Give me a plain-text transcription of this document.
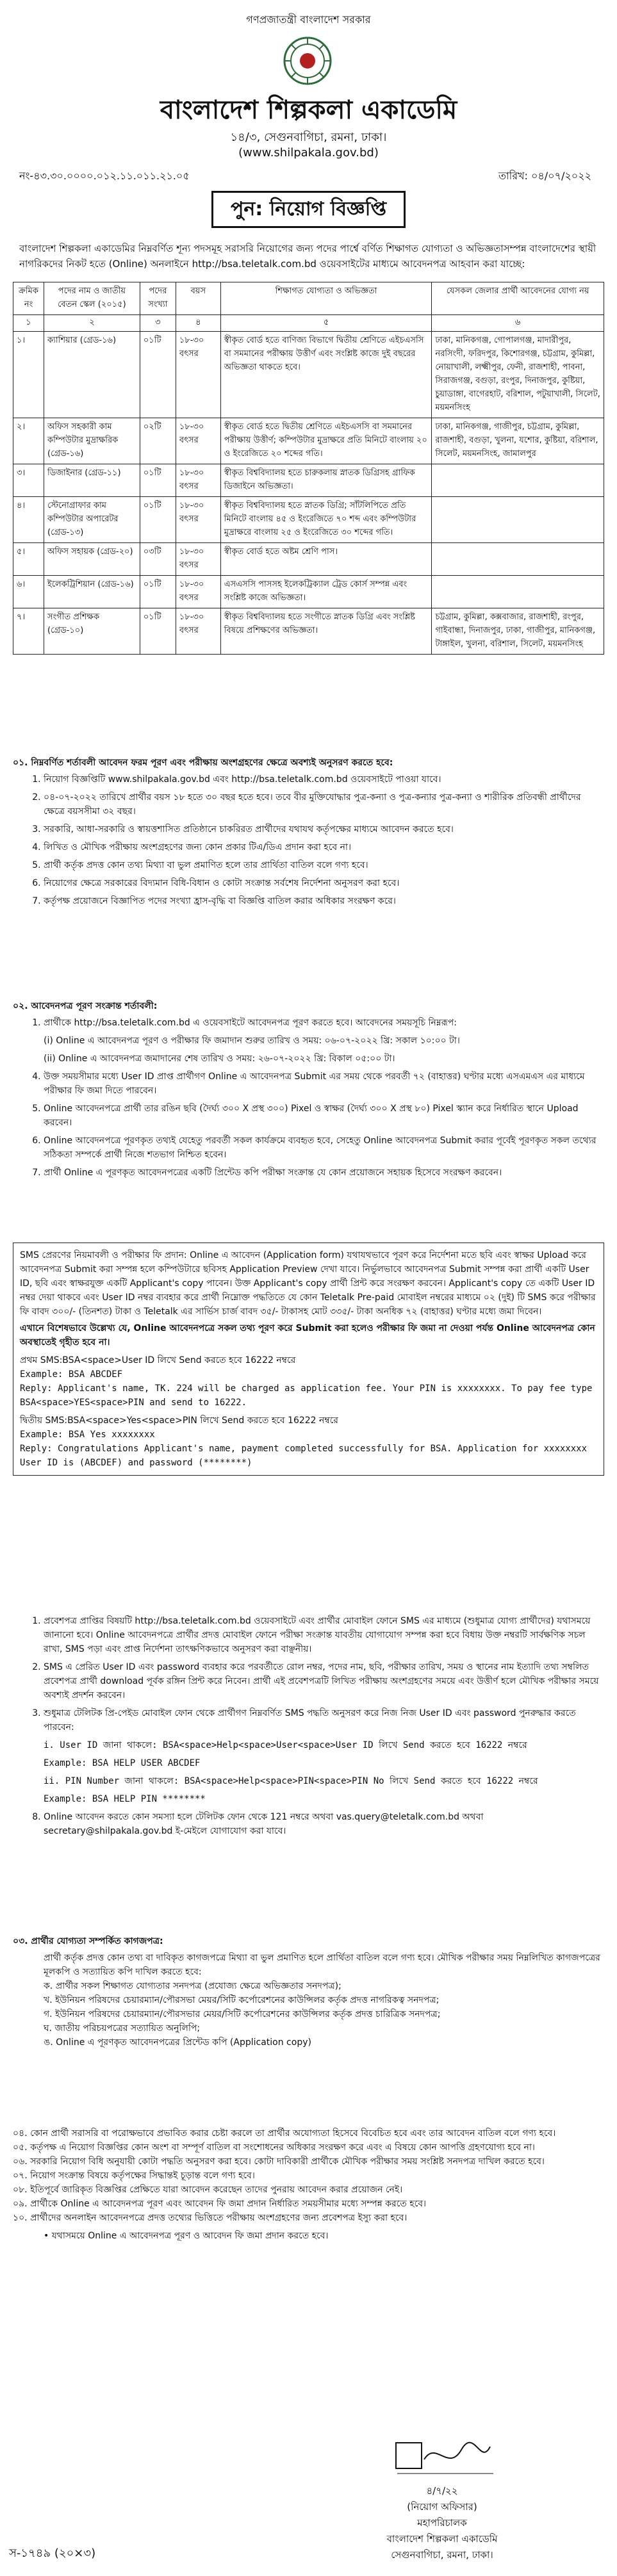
গণপ্রজাতন্ত্রী বাংলাদেশ সরকার
বাংলাদেশ শিল্পকলা একাডেমি
১৪/৩, সেগুনবাগিচা, রমনা, ঢাকা।
(www.shilpakala.gov.bd)
নং-৪৩.৩০.০০০০.০১২.১১.০১১.২১.০৫	তারিখ: ০৪/০৭/২০২২
পুন: নিয়োগ বিজ্ঞপ্তি
বাংলাদেশ শিল্পকলা একাডেমির নিম্নবর্ণিত শূন্য পদসমূহ সরাসরি নিয়োগের জন্য পদের পার্শ্বে বর্ণিত শিক্ষাগত যোগ্যতা ও অভিজ্ঞতাসম্পন্ন বাংলাদেশের স্থায়ী নাগরিকদের নিকট হতে (Online) অনলাইনে http://bsa.teletalk.com.bd ওয়েবসাইটের মাধ্যমে আবেদনপত্র আহবান করা যাচ্ছে:
ক্রমিক নং	পদের নাম ও জাতীয় বেতন স্কেল (২০১৫)	পদের সংখ্যা	বয়স	শিক্ষাগত যোগ্যতা ও অভিজ্ঞতা	যেসকল জেলার প্রার্থী আবেদনের যোগ্য নয়
১	২	৩	৪	৫	৬
১।	ক্যাশিয়ার (গ্রেড-১৬)	০১টি	১৮-৩০ বৎসর	স্বীকৃত বোর্ড হতে বাণিজ্য বিভাগে দ্বিতীয় শ্রেণিতে এইচএসসি বা সমমানের পরীক্ষায় উত্তীর্ণ এবং সংশ্লিষ্ট কাজে দুই বছরের অভিজ্ঞতা থাকতে হবে।	ঢাকা, মানিকগঞ্জ, গোপালগঞ্জ, মাদারীপুর, নরসিংদী, ফরিদপুর, কিশোরগঞ্জ, চট্টগ্রাম, কুমিল্লা, নোয়াখালী, লক্ষ্মীপুর, ফেনী, রাজশাহী, পাবনা, সিরাজগঞ্জ, বগুড়া, রংপুর, দিনাজপুর, কুষ্টিয়া, চুয়াডাঙ্গা, বাগেরহাট, বরিশাল, পটুয়াখালী, সিলেট, ময়মনসিংহ
২।	অফিস সহকারী কাম কম্পিউটার মুদ্রাক্ষরিক (গ্রেড-১৬)	০২টি	১৮-৩০ বৎসর	স্বীকৃত বোর্ড হতে দ্বিতীয় শ্রেণিতে এইচএসসি বা সমমানের পরীক্ষায় উত্তীর্ণ; কম্পিউটার মুদ্রাক্ষরে প্রতি মিনিটে বাংলায় ২০ ও ইংরেজিতে ২০ শব্দের গতি।	ঢাকা, মানিকগঞ্জ, গাজীপুর, চট্টগ্রাম, কুমিল্লা, রাজশাহী, বগুড়া, খুলনা, যশোর, কুষ্টিয়া, বরিশাল, সিলেট, ময়মনসিংহ, জামালপুর
৩।	ডিজাইনার (গ্রেড-১১)	০১টি	১৮-৩০ বৎসর	স্বীকৃত বিশ্ববিদ্যালয় হতে চারুকলায় স্নাতক ডিগ্রিসহ গ্রাফিক ডিজাইনে অভিজ্ঞতা।	
৪।	স্টেনোগ্রাফার কাম কম্পিউটার অপারেটর (গ্রেড-১৩)	০১টি	১৮-৩০ বৎসর	স্বীকৃত বিশ্ববিদ্যালয় হতে স্নাতক ডিগ্রি; সাঁটলিপিতে প্রতি মিনিটে বাংলায় ৪৫ ও ইংরেজিতে ৭০ শব্দ এবং কম্পিউটার মুদ্রাক্ষরে বাংলায় ২৫ ও ইংরেজিতে ৩০ শব্দের গতি।	
৫।	অফিস সহায়ক (গ্রেড-২০)	০৩টি	১৮-৩০ বৎসর	স্বীকৃত বোর্ড হতে অষ্টম শ্রেণি পাস।	
৬।	ইলেকট্রিশিয়ান (গ্রেড-১৬)	০১টি	১৮-৩০ বৎসর	এসএসসি পাসসহ ইলেকট্রিক্যাল ট্রেড কোর্স সম্পন্ন এবং সংশ্লিষ্ট কাজে অভিজ্ঞতা।	
৭।	সংগীত প্রশিক্ষক (গ্রেড-১০)	০১টি	১৮-৩০ বৎসর	স্বীকৃত বিশ্ববিদ্যালয় হতে সংগীতে স্নাতক ডিগ্রি এবং সংশ্লিষ্ট বিষয়ে প্রশিক্ষণের অভিজ্ঞতা।	চট্টগ্রাম, কুমিল্লা, কক্সবাজার, রাজশাহী, রংপুর, গাইবান্ধা, দিনাজপুর, ঢাকা, গাজীপুর, মানিকগঞ্জ, টাঙ্গাইল, খুলনা, বরিশাল, সিলেট, ময়মনসিংহ
০১. নিম্নবর্ণিত শর্তাবলী আবেদন ফরম পূরণ এবং পরীক্ষায় অংশগ্রহণের ক্ষেত্রে অবশ্যই অনুসরণ করতে হবে:
1. নিয়োগ বিজ্ঞপ্তিটি www.shilpakala.gov.bd এবং http://bsa.teletalk.com.bd ওয়েবসাইটে পাওয়া যাবে।
2. ০৪-০৭-২০২২ তারিখে প্রার্থীর বয়স ১৮ হতে ৩০ বছর হতে হবে। তবে বীর মুক্তিযোদ্ধার পুত্র-কন্যা ও পুত্র-কন্যার পুত্র-কন্যা ও শারীরিক প্রতিবন্ধী প্রার্থীদের ক্ষেত্রে বয়সসীমা ৩২ বছর।
3. সরকারি, আধা-সরকারি ও স্বায়ত্তশাসিত প্রতিষ্ঠানে চাকরিরত প্রার্থীদের যথাযথ কর্তৃপক্ষের মাধ্যমে আবেদন করতে হবে।
4. লিখিত ও মৌখিক পরীক্ষায় অংশগ্রহণের জন্য কোন প্রকার টিএ/ডিএ প্রদান করা হবে না।
5. প্রার্থী কর্তৃক প্রদত্ত কোন তথ্য মিথ্যা বা ভুল প্রমাণিত হলে তার প্রার্থিতা বাতিল বলে গণ্য হবে।
6. নিয়োগের ক্ষেত্রে সরকারের বিদ্যমান বিধি-বিধান ও কোটা সংক্রান্ত সর্বশেষ নির্দেশনা অনুসরণ করা হবে।
7. কর্তৃপক্ষ প্রয়োজনে বিজ্ঞাপিত পদের সংখ্যা হ্রাস-বৃদ্ধি বা বিজ্ঞপ্তি বাতিল করার অধিকার সংরক্ষণ করে।
০২. আবেদনপত্র পূরণ সংক্রান্ত শর্তাবলী:
1. প্রার্থীকে http://bsa.teletalk.com.bd এ ওয়েবসাইটে আবেদনপত্র পূরণ করতে হবে। আবেদনের সময়সূচি নিম্নরূপ:
(i) Online এ আবেদনপত্র পূরণ ও পরীক্ষার ফি জমাদান শুরুর তারিখ ও সময়: ০৬-০৭-২০২২ খ্রি: সকাল ১০:০০ টা।
(ii) Online এ আবেদনপত্র জমাদানের শেষ তারিখ ও সময়: ২৬-০৭-২০২২ খ্রি: বিকাল ০৫:০০ টা।
4. উক্ত সময়সীমার মধ্যে User ID প্রাপ্ত প্রার্থীগণ Online এ আবেদনপত্র Submit এর সময় থেকে পরবর্তী ৭২ (বাহাত্তর) ঘণ্টার মধ্যে এসএমএস এর মাধ্যমে পরীক্ষার ফি জমা দিতে পারবেন।
5. Online আবেদনপত্রে প্রার্থী তার রঙিন ছবি (দৈর্ঘ্য ৩০০ X প্রস্থ ৩০০) Pixel ও স্বাক্ষর (দৈর্ঘ্য ৩০০ X প্রস্থ ৮০) Pixel স্ক্যান করে নির্ধারিত স্থানে Upload করবেন।
6. Online আবেদনপত্রে পূরণকৃত তথ্যই যেহেতু পরবর্তী সকল কার্যক্রমে ব্যবহৃত হবে, সেহেতু Online আবেদনপত্র Submit করার পূর্বেই পূরণকৃত সকল তথ্যের সঠিকতা সম্পর্কে প্রার্থী নিজে শতভাগ নিশ্চিত হবেন।
7. প্রার্থী Online এ পূরণকৃত আবেদনপত্রের একটি প্রিন্টেড কপি পরীক্ষা সংক্রান্ত যে কোন প্রয়োজনে সহায়ক হিসেবে সংরক্ষণ করবেন।
SMS প্রেরণের নিয়মাবলী ও পরীক্ষার ফি প্রদান: Online এ আবেদন (Application form) যথাযথভাবে পূরণ করে নির্দেশনা মতে ছবি এবং স্বাক্ষর Upload করে আবেদনপত্র Submit করা সম্পন্ন হলে কম্পিউটারে ছবিসহ Application Preview দেখা যাবে। নির্ভুলভাবে আবেদনপত্র Submit সম্পন্ন করা প্রার্থী একটি User ID, ছবি এবং স্বাক্ষরযুক্ত একটি Applicant's copy পাবেন। উক্ত Applicant's copy প্রার্থী প্রিন্ট করে সংরক্ষণ করবেন। Applicant's copy তে একটি User ID নম্বর দেয়া থাকবে এবং User ID নম্বর ব্যবহার করে প্রার্থী নিম্নোক্ত পদ্ধতিতে যে কোন Teletalk Pre-paid মোবাইল নম্বরের মাধ্যমে ০২ (দুই) টি SMS করে পরীক্ষার ফি বাবদ ৩০০/- (তিনশত) টাকা ও Teletalk এর সার্ভিস চার্জ বাবদ ৩৫/- টাকাসহ মোট ৩৩৫/- টাকা অনধিক ৭২ (বাহাত্তর) ঘণ্টার মধ্যে জমা দিবেন।
এখানে বিশেষভাবে উল্লেখ্য যে, Online আবেদনপত্রে সকল তথ্য পূরণ করে Submit করা হলেও পরীক্ষার ফি জমা না দেওয়া পর্যন্ত Online আবেদনপত্র কোন অবস্থাতেই গৃহীত হবে না।
প্রথম SMS:BSA<space>User ID লিখে Send করতে হবে 16222 নম্বরে
Example: BSA ABCDEF
Reply: Applicant's name, TK. 224 will be charged as application fee. Your PIN is xxxxxxxx. To pay fee type BSA<space>YES<space>PIN and send to 16222.
দ্বিতীয় SMS:BSA<space>Yes<space>PIN লিখে Send করতে হবে 16222 নম্বরে
Example: BSA Yes xxxxxxxx
Reply: Congratulations Applicant's name, payment completed successfully for BSA. Application for xxxxxxxx User ID is (ABCDEF) and password (********)
1. প্রবেশপত্র প্রাপ্তির বিষয়টি http://bsa.teletalk.com.bd ওয়েবসাইটে এবং প্রার্থীর মোবাইল ফোনে SMS এর মাধ্যমে (শুধুমাত্র যোগ্য প্রার্থীদের) যথাসময়ে জানানো হবে। Online আবেদনপত্রে প্রার্থীর প্রদত্ত মোবাইল ফোনে পরীক্ষা সংক্রান্ত যাবতীয় যোগাযোগ সম্পন্ন করা হবে বিধায় উক্ত নম্বরটি সার্বক্ষণিক সচল রাখা, SMS পড়া এবং প্রাপ্ত নির্দেশনা তাৎক্ষণিকভাবে অনুসরণ করা বাঞ্ছনীয়।
2. SMS এ প্রেরিত User ID এবং password ব্যবহার করে পরবর্তীতে রোল নম্বর, পদের নাম, ছবি, পরীক্ষার তারিখ, সময় ও স্থানের নাম ইত্যাদি তথ্য সম্বলিত প্রবেশপত্র প্রার্থী download পূর্বক রঙ্গিন প্রিন্ট করে নিবেন। প্রার্থী এই প্রবেশপত্রটি লিখিত পরীক্ষায় অংশগ্রহণের সময়ে এবং উত্তীর্ণ হলে মৌখিক পরীক্ষার সময়ে অবশ্যই প্রদর্শন করবেন।
3. শুধুমাত্র টেলিটক প্রি-পেইড মোবাইল ফোন থেকে প্রার্থীগণ নিম্নবর্ণিত SMS পদ্ধতি অনুসরণ করে নিজ নিজ User ID এবং password পুনরুদ্ধার করতে পারবেন:
i. User ID জানা থাকলে: BSA<space>Help<space>User<space>User ID লিখে Send করতে হবে 16222 নম্বরে
Example: BSA HELP USER ABCDEF
ii. PIN Number জানা থাকলে: BSA<space>Help<space>PIN<space>PIN No লিখে Send করতে হবে 16222 নম্বরে
Example: BSA HELP PIN ********
8. Online আবেদন করতে কোন সমস্যা হলে টেলিটক ফোন থেকে 121 নম্বরে অথবা vas.query@teletalk.com.bd অথবা secretary@shilpakala.gov.bd ই-মেইলে যোগাযোগ করা যাবে।
০৩. প্রার্থীর যোগ্যতা সম্পর্কিত কাগজপত্র:
প্রার্থী কর্তৃক প্রদত্ত কোন তথ্য বা দাবিকৃত কাগজপত্রে মিথ্যা বা ভুল প্রমাণিত হলে প্রার্থিতা বাতিল বলে গণ্য হবে। মৌখিক পরীক্ষার সময় নিম্নলিখিত কাগজপত্রের মূলকপি ও সত্যায়িত কপি দাখিল করতে হবে:
ক. প্রার্থীর সকল শিক্ষাগত যোগ্যতার সনদপত্র (প্রযোজ্য ক্ষেত্রে অভিজ্ঞতার সনদপত্র);
খ. ইউনিয়ন পরিষদের চেয়ারম্যান/পৌরসভা মেয়র/সিটি কর্পোরেশনের কাউন্সিলর কর্তৃক প্রদত্ত নাগরিকত্ব সনদপত্র;
গ. ইউনিয়ন পরিষদের চেয়ারম্যান/পৌরসভার মেয়র/সিটি কর্পোরেশনের কাউন্সিলর কর্তৃক প্রদত্ত চারিত্রিক সনদপত্র;
ঘ. জাতীয় পরিচয়পত্রের সত্যায়িত অনুলিপি;
ঙ. Online এ পূরণকৃত আবেদনপত্রের প্রিন্টেড কপি (Application copy)
০৪. কোন প্রার্থী সরাসরি বা পরোক্ষভাবে প্রভাবিত করার চেষ্টা করলে তা প্রার্থীর অযোগ্যতা হিসেবে বিবেচিত হবে এবং তার আবেদন বাতিল বলে গণ্য হবে।
০৫. কর্তৃপক্ষ এ নিয়োগ বিজ্ঞপ্তির কোন অংশ বা সম্পূর্ণ বাতিল বা সংশোধনের অধিকার সংরক্ষণ করে এবং এ বিষয়ে কোন আপত্তি গ্রহণযোগ্য হবে না।
০৬. সরকারি নিয়োগ বিধি অনুযায়ী কোটা পদ্ধতি অনুসরণ করা হবে। কোটা দাবিকারী প্রার্থীকে মৌখিক পরীক্ষার সময় সংশ্লিষ্ট সনদপত্র দাখিল করতে হবে।
০৭. নিয়োগ সংক্রান্ত বিষয়ে কর্তৃপক্ষের সিদ্ধান্তই চূড়ান্ত বলে গণ্য হবে।
০৮. ইতিপূর্বে জারিকৃত বিজ্ঞপ্তির প্রেক্ষিতে যারা আবেদন করেছেন তাদের পুনরায় আবেদন করার প্রয়োজন নেই।
০৯. প্রার্থীকে Online এ আবেদনপত্র পূরণ এবং আবেদন ফি জমা প্রদান নির্ধারিত সময়সীমার মধ্যে সম্পন্ন করতে হবে।
১০. প্রার্থীদের অনলাইন আবেদনপত্রে প্রদত্ত তথ্যের ভিত্তিতে পরীক্ষায় অংশগ্রহণের জন্য প্রবেশপত্র ইস্যু করা হবে।
• যথাসময়ে Online এ আবেদনপত্র পূরণ ও আবেদন ফি জমা প্রদান করতে হবে।
৪/৭/২২
(নিয়োগ অফিসার)
মহাপরিচালক
বাংলাদেশ শিল্পকলা একাডেমি
সেগুনবাগিচা, রমনা, ঢাকা।
স-১৭৪৯ (২০×৩)
